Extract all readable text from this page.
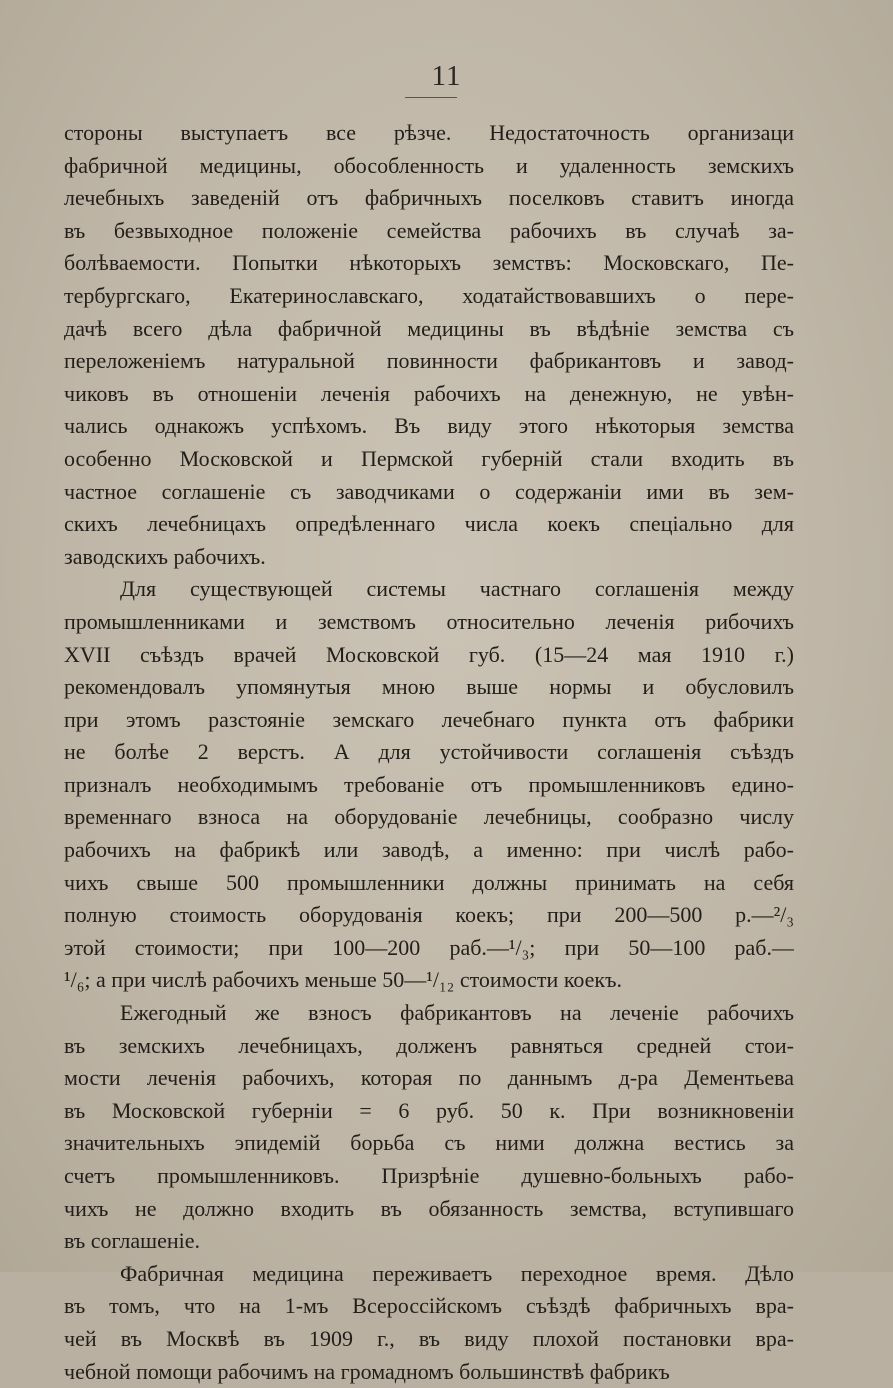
11
стороны выступаетъ все рѣзче. Недостаточность организаци
фабричной медицины, обособленность и удаленность земскихъ
лечебныхъ заведеній отъ фабричныхъ поселковъ ставитъ иногда
въ безвыходное положеніе семейства рабочихъ въ случаѣ за-
болѣваемости. Попытки нѣкоторыхъ земствъ: Московскаго, Пе-
тербургскаго, Екатеринославскаго, ходатайствовавшихъ о пере-
дачѣ всего дѣла фабричной медицины въ вѣдѣніе земства съ
переложеніемъ натуральной повинности фабрикантовъ и завод-
чиковъ въ отношеніи леченія рабочихъ на денежную, не увѣн-
чались однакожъ успѣхомъ. Въ виду этого нѣкоторыя земства
особенно Московской и Пермской губерній стали входить въ
частное соглашеніе съ заводчиками о содержаніи ими въ зем-
скихъ лечебницахъ опредѣленнаго числа коекъ спеціально для
заводскихъ рабочихъ.
Для существующей системы частнаго соглашенія между
промышленниками и земствомъ относительно леченія рибочихъ
XVII съѣздъ врачей Московской губ. (15—24 мая 1910 г.)
рекомендовалъ упомянутыя мною выше нормы и обусловилъ
при этомъ разстояніе земскаго лечебнаго пункта отъ фабрики
не болѣе 2 верстъ. А для устойчивости соглашенія съѣздъ
призналъ необходимымъ требованіе отъ промышленниковъ едино-
временнаго взноса на оборудованіе лечебницы, сообразно числу
рабочихъ на фабрикѣ или заводѣ, а именно: при числѣ рабо-
чихъ свыше 500 промышленники должны принимать на себя
полную стоимость оборудованія коекъ; при 200—500 р.—²/₃
этой стоимости; при 100—200 раб.—¹/₃; при 50—100 раб.—
¹/₆; а при числѣ рабочихъ меньше 50—¹/₁₂ стоимости коекъ.
Ежегодный же взносъ фабрикантовъ на леченіе рабочихъ
въ земскихъ лечебницахъ, долженъ равняться средней стои-
мости леченія рабочихъ, которая по даннымъ д-ра Дементьева
въ Московской губерніи = 6 руб. 50 к. При возникновеніи
значительныхъ эпидемій борьба съ ними должна вестись за
счетъ промышленниковъ. Призрѣніе душевно-больныхъ рабо-
чихъ не должно входить въ обязанность земства, вступившаго
въ соглашеніе.
Фабричная медицина переживаетъ переходное время. Дѣло
въ томъ, что на 1-мъ Всероссійскомъ съѣздѣ фабричныхъ вра-
чей въ Москвѣ въ 1909 г., въ виду плохой постановки вра-
чебной помощи рабочимъ на громадномъ большинствѣ фабрикъ
